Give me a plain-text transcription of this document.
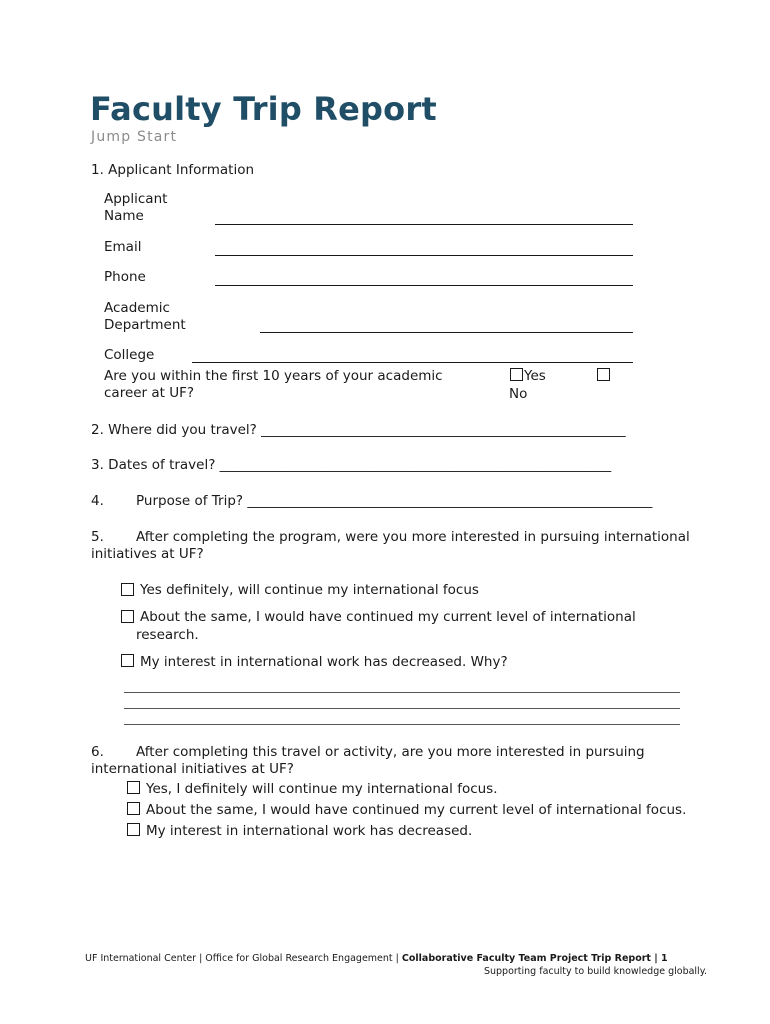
Faculty Trip Report
Jump Start
1. Applicant Information
Applicant
Name
Email
Phone
Academic
Department
College
Are you within the first 10 years of your academic
career at UF?
Yes
No
2. Where did you travel? ______________________________________________________
3. Dates of travel? __________________________________________________________
4. Purpose of Trip? ____________________________________________________________
5. After completing the program, were you more interested in pursuing international
initiatives at UF?
Yes definitely, will continue my international focus
About the same, I would have continued my current level of international
research.
My interest in international work has decreased. Why?
6. After completing this travel or activity, are you more interested in pursuing
international initiatives at UF?
Yes, I definitely will continue my international focus.
About the same, I would have continued my current level of international focus.
My interest in international work has decreased.
UF International Center | Office for Global Research Engagement | Collaborative Faculty Team Project Trip Report | 1
Supporting faculty to build knowledge globally.
